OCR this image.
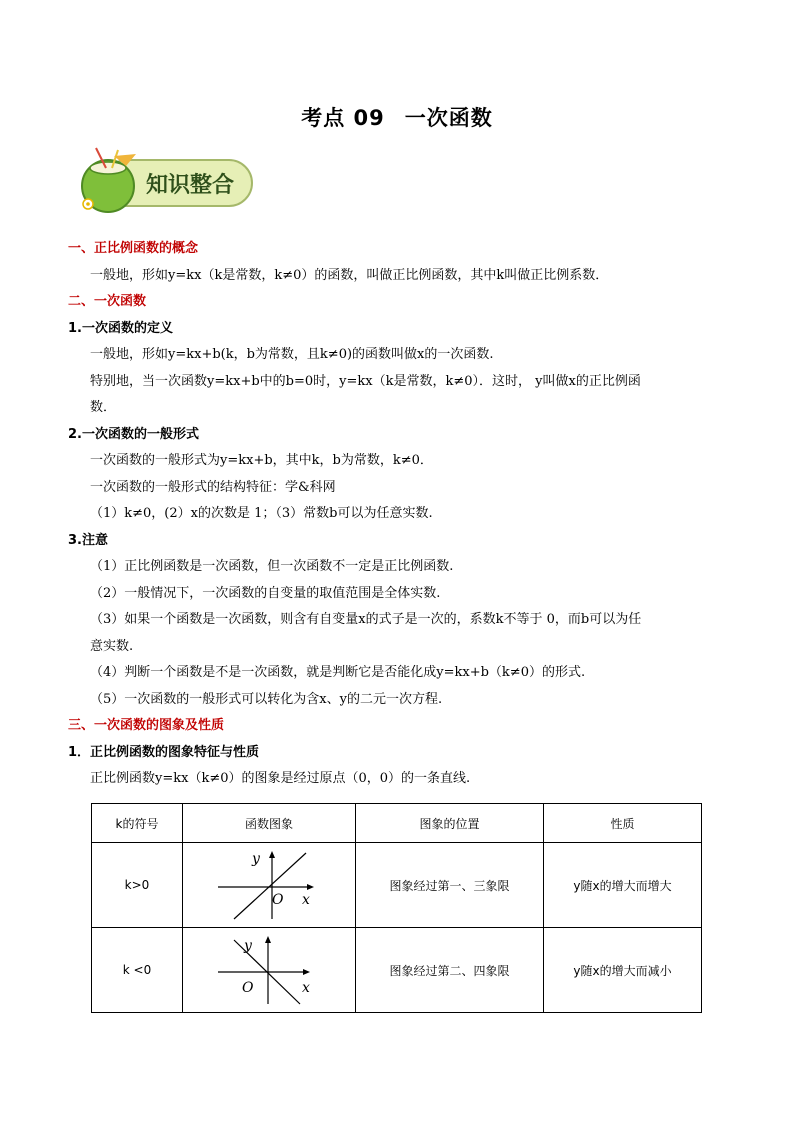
考点 09 一次函数
知识整合
一、正比例函数的概念
一般地，形如y=kx（k是常数，k≠0）的函数，叫做正比例函数，其中k叫做正比例系数．
二、一次函数
1.一次函数的定义
一般地，形如y=kx+b(k，b为常数，且k≠0)的函数叫做x的一次函数.
特别地，当一次函数y=kx+b中的b=0时，y=kx（k是常数，k≠0）．这时， y叫做x的正比例函
数．
2.一次函数的一般形式
一次函数的一般形式为y=kx+b，其中k，b为常数，k≠0．
一次函数的一般形式的结构特征：学&科网
（1）k≠0，(2）x的次数是 1；（3）常数b可以为任意实数.
3.注意
（1）正比例函数是一次函数，但一次函数不一定是正比例函数.
（2）一般情况下，一次函数的自变量的取值范围是全体实数.
（3）如果一个函数是一次函数，则含有自变量x的式子是一次的，系数k不等于 0，而b可以为任
意实数.
（4）判断一个函数是不是一次函数，就是判断它是否能化成y=kx+b（k≠0）的形式.
（5）一次函数的一般形式可以转化为含x、y的二元一次方程.
三、一次函数的图象及性质
1．正比例函数的图象特征与性质
正比例函数y=kx（k≠0）的图象是经过原点（0，0）的一条直线.
k的符号	函数图象	图象的位置	性质
k>0	y
O x	图象经过第一、三象限	y随x的增大而增大
k <0	y
O x	图象经过第二、四象限	y随x的增大而减小
